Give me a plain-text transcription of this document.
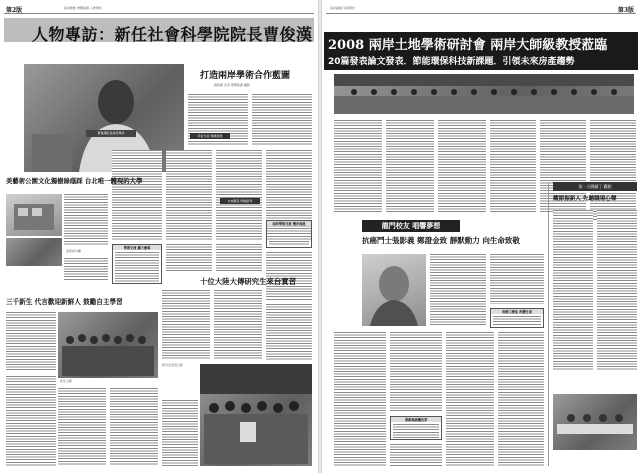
第2版	兩岸動態 專題報導 人物專訪
人物專訪：新任社會科學院院長曹俊漢
曹俊漢院長接受專訪
打造兩岸學術合作藍圖
國新網 記者 專題報導 攝影
學術交流 穩健發展
未來願景 開創新局
兩岸學術交流 穩步推進
美藝術公園文化獨樹綠蔭踩 台北唯一體現的大學
美術館外觀
三千新生 代言歡迎新鮮人 鼓勵自主學習
新生合影
學術交流 擴大參與
十位大陸大傳研究生來台實習
研究生實習合影
兩岸論壇 學術研討	第3版
2008 兩岸土地學術研討會 兩岸大師級教授蒞臨
20篇發表論文發表．節能環保科技新課題．引領未來房產趨勢
龍門校友 唱響夢想
抗癌鬥士張影義 鄭證金致 靜默動力 向生命致敬
第一天戲劇了 觀點
耀節振新人 先聽職場心聲
治療三療法 改變生命
勇敢與病魔抗爭
